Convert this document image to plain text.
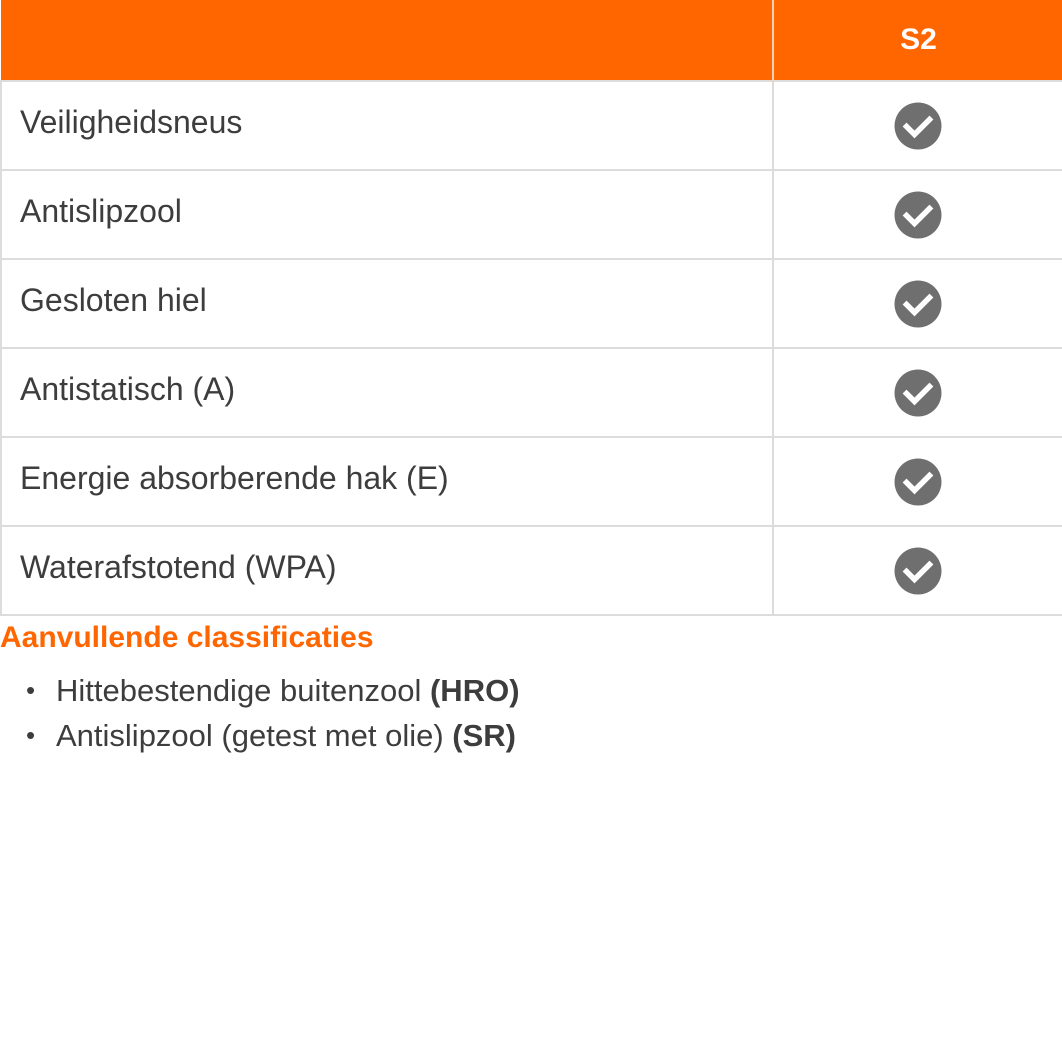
	S2
Veiligheidsneus	
Antislipzool	
Gesloten hiel	
Antistatisch (A)	
Energie absorberende hak (E)	
Waterafstotend (WPA)	
Aanvullende classificaties
• Hittebestendige buitenzool (HRO)
• Antislipzool (getest met olie) (SR)
